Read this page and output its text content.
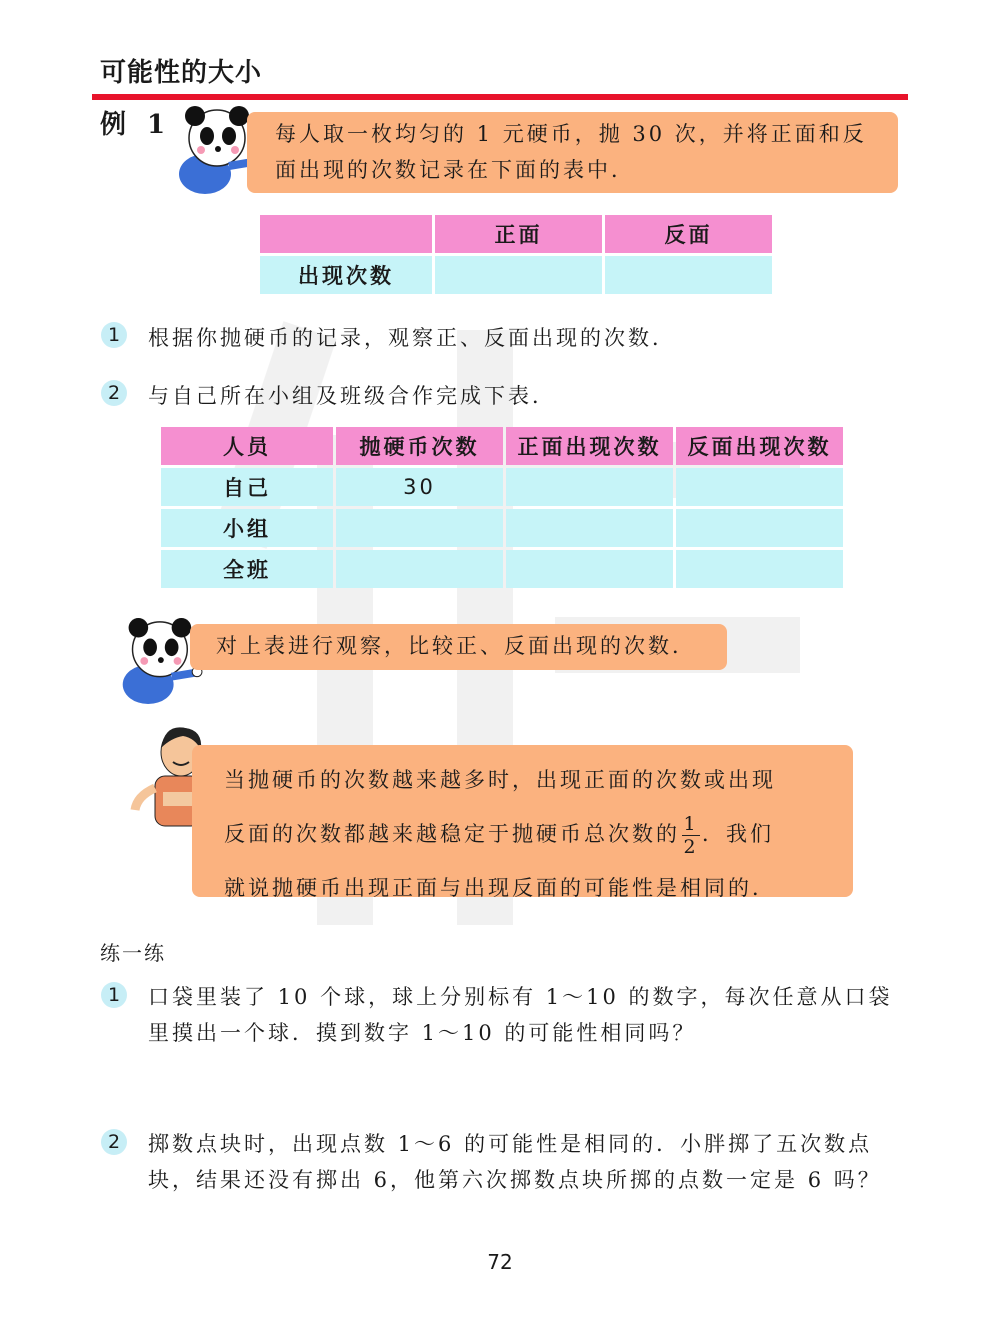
可能性的大小
例 1	每人取一枚均匀的 1 元硬币，抛 30 次，并将正面和反面出现的次数记录在下面的表中．
	正面	反面
出现次数		
1	根据你抛硬币的记录，观察正、反面出现的次数．
2	与自己所在小组及班级合作完成下表．
人员	抛硬币次数	正面出现次数	反面出现次数
自己	30		
小组			
全班			
对上表进行观察，比较正、反面出现的次数．
当抛硬币的次数越来越多时，出现正面的次数或出现
反面的次数都越来越稳定于抛硬币总次数的 $\frac{1}{2}$ ．我们
就说抛硬币出现正面与出现反面的可能性是相同的．
练一练
1	口袋里装了 10 个球，球上分别标有 1～10 的数字，每次任意从口袋
里摸出一个球．摸到数字 1～10 的可能性相同吗？
2	掷数点块时，出现点数 1～6 的可能性是相同的．小胖掷了五次数点
块，结果还没有掷出 6，他第六次掷数点块所掷的点数一定是 6 吗？
72
